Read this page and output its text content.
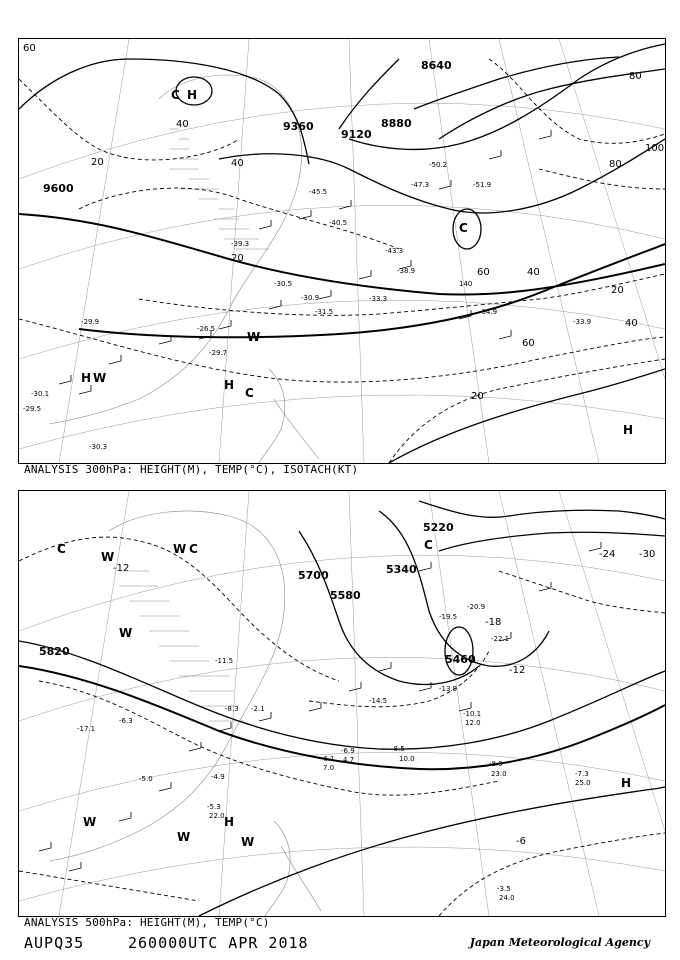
9600
9360
9120
8880
8640
60
40
20	40
20
60
80
100
80
40
20
40
20
60
C H
H W	H
C
W
H
C
-29.9
-30.3
-30.1
-29.7
-30.5
-31.5
-33.3
-34.9
-33.9
-38.9
-45.5
-40.5
-47.3
-50.2
-51.9
-43.3
-39.3
-29.5
-26.5
-30.9
140
ANALYSIS 300hPa: HEIGHT(M), TEMP(°C), ISOTACH(KT)
5820
5700
5580
5460
5340
5220
-12
-18
-24 -30
-12
-6
C
W
W C	C
H
W
W	H
W	W
-17.1
-6.3
-5.0	-4.9
-8.5
-6.9
-8.9
-7.3
-3.5
-19.5
-20.9
-22.1
-13.9
-10.1
-14.5
-2.1
-8.3
-5.3
-6.1
-11.5
10.0
23.0
25.0
24.0
22.0
7.0
4.7
12.0
ANALYSIS 500hPa: HEIGHT(M), TEMP(°C)
AUPQ35	260000UTC APR 2018	Japan Meteorological Agency
